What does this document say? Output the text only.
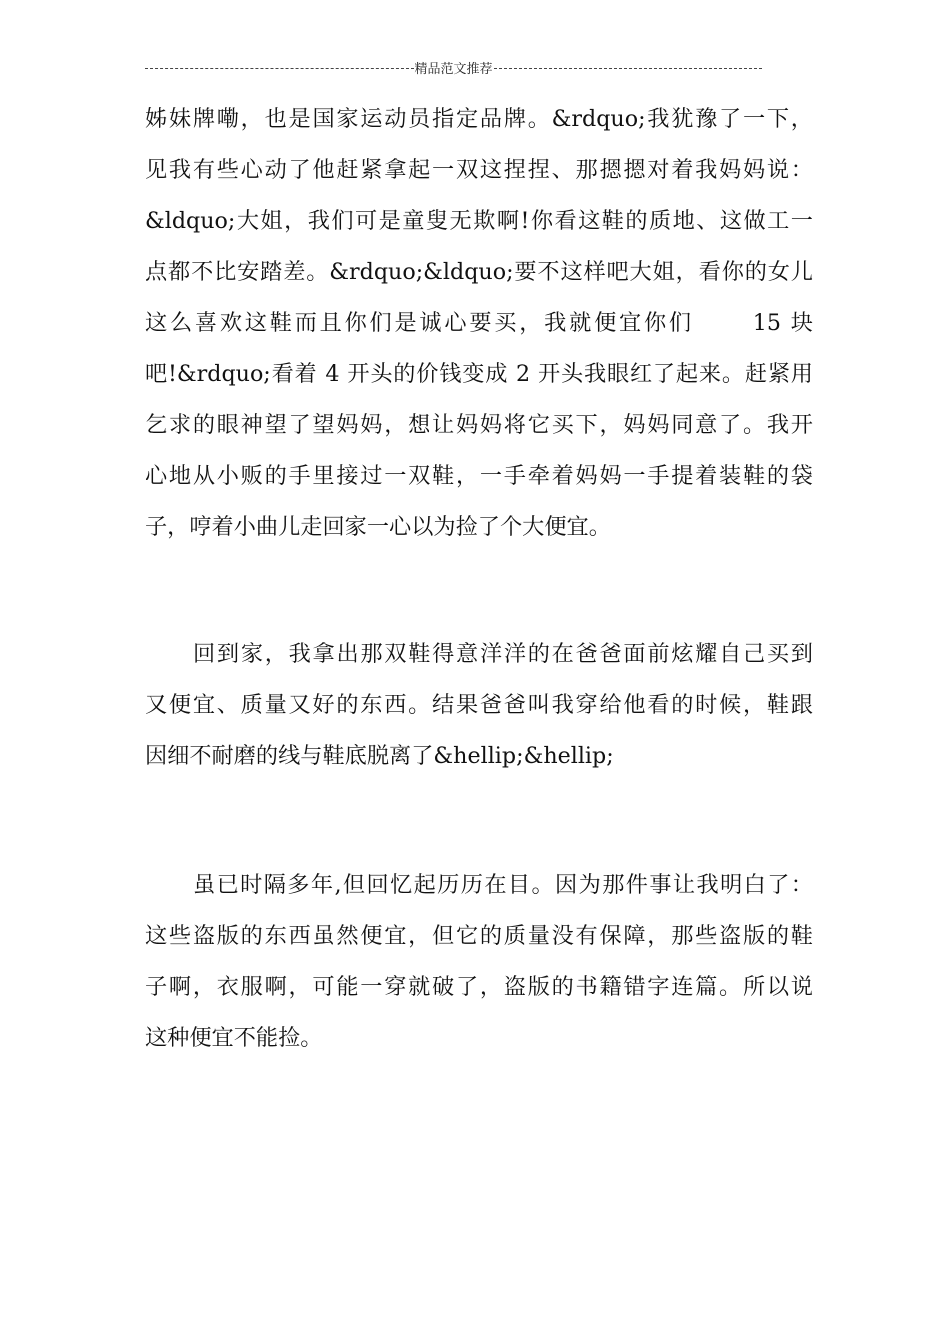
精品范文推荐
姊妹牌嘞，也是国家运动员指定品牌。&rdquo;我犹豫了一下，
见我有些心动了他赶紧拿起一双这捏捏、那摁摁对着我妈妈说：
&ldquo;大姐，我们可是童叟无欺啊!你看这鞋的质地、这做工一
点都不比安踏差。&rdquo;&ldquo;要不这样吧大姐，看你的女儿
这么喜欢这鞋而且你们是诚心要买，我就便宜你们      15 块
吧!&rdquo;看着 4 开头的价钱变成 2 开头我眼红了起来。赶紧用
乞求的眼神望了望妈妈，想让妈妈将它买下，妈妈同意了。我开
心地从小贩的手里接过一双鞋，一手牵着妈妈一手提着装鞋的袋
子，哼着小曲儿走回家一心以为捡了个大便宜。
回到家，我拿出那双鞋得意洋洋的在爸爸面前炫耀自己买到
又便宜、质量又好的东西。结果爸爸叫我穿给他看的时候，鞋跟
因细不耐磨的线与鞋底脱离了&hellip;&hellip;
虽已时隔多年,但回忆起历历在目。因为那件事让我明白了：
这些盗版的东西虽然便宜，但它的质量没有保障，那些盗版的鞋
子啊，衣服啊，可能一穿就破了，盗版的书籍错字连篇。所以说
这种便宜不能捡。
